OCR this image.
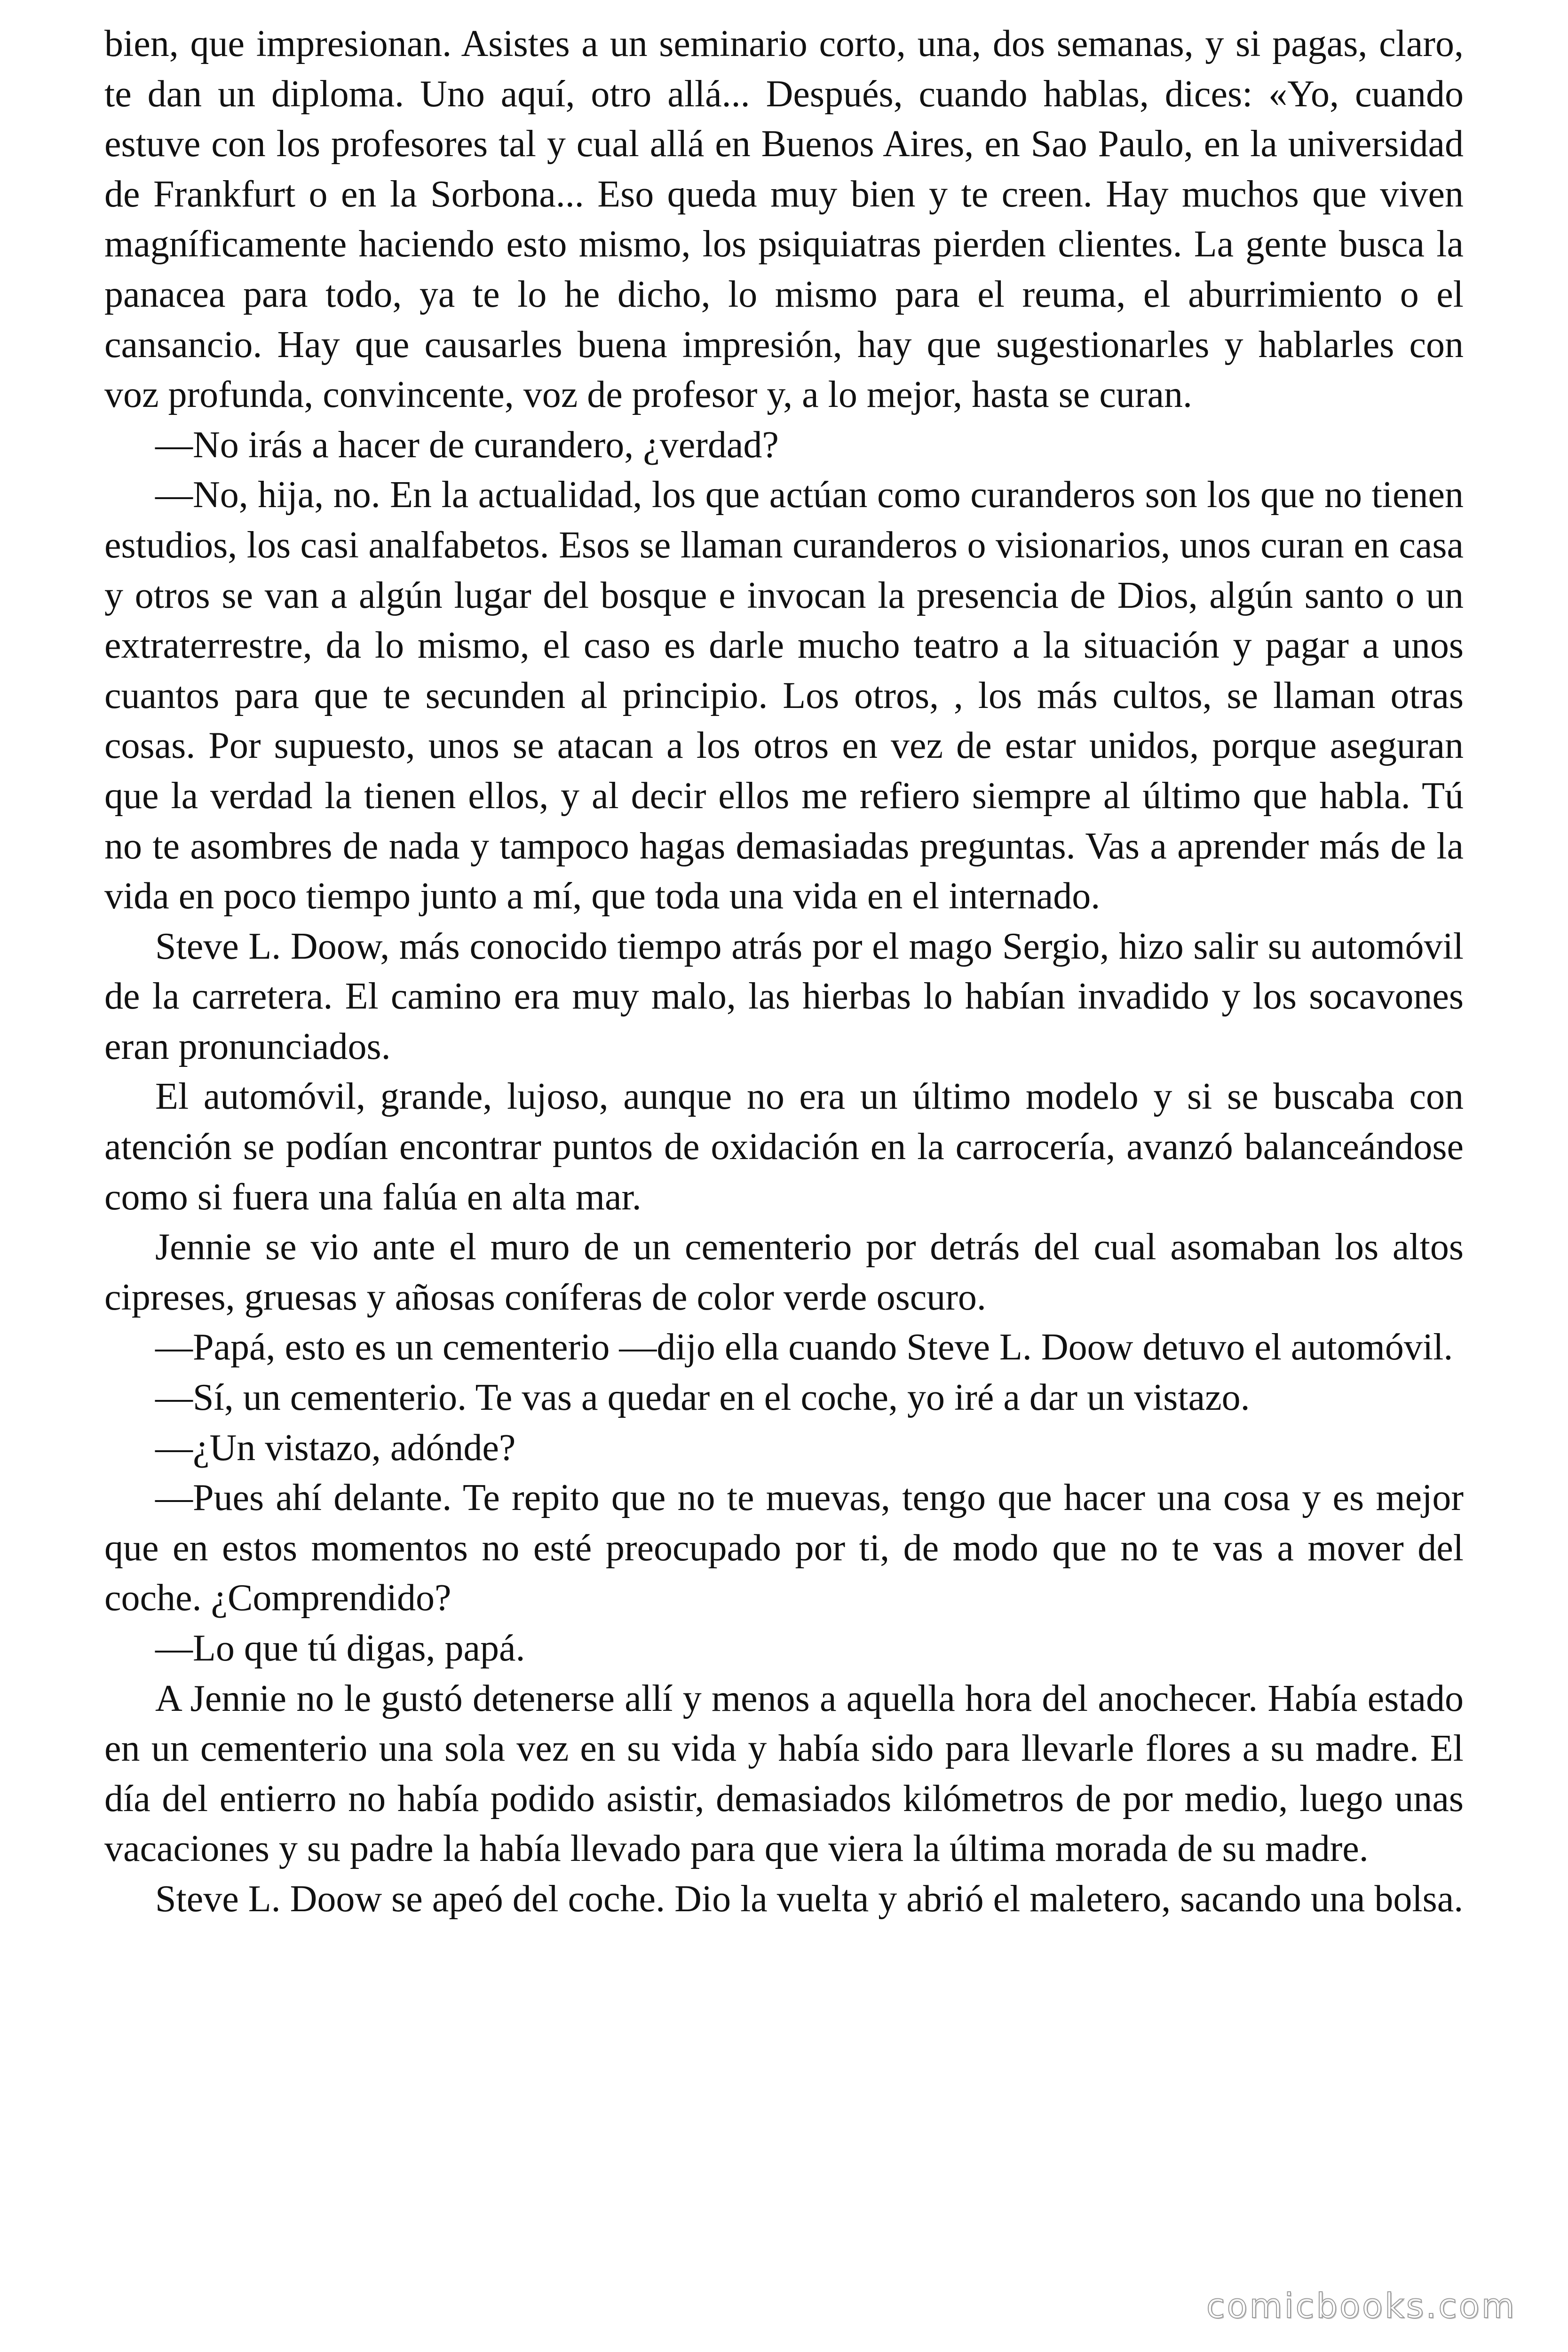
bien, que impresionan. Asistes a un seminario corto, una, dos semanas, y si pagas, claro, te dan un diploma. Uno aquí, otro allá... Después, cuando hablas, dices: «Yo, cuando estuve con los profesores tal y cual allá en Buenos Aires, en Sao Paulo, en la universidad de Frankfurt o en la Sorbona... Eso queda muy bien y te creen. Hay muchos que viven magníficamente haciendo esto mismo, los psiquiatras pierden clientes. La gente busca la panacea para todo, ya te lo he dicho, lo mismo para el reuma, el aburrimiento o el cansancio. Hay que causarles buena impresión, hay que sugestionarles y hablarles con voz profunda, convincente, voz de profesor y, a lo mejor, hasta se curan.

—No irás a hacer de curandero, ¿verdad?

—No, hija, no. En la actualidad, los que actúan como curanderos son los que no tienen estudios, los casi analfabetos. Esos se llaman curanderos o visionarios, unos curan en casa y otros se van a algún lugar del bosque e invocan la presencia de Dios, algún santo o un extraterrestre, da lo mismo, el caso es darle mucho teatro a la situación y pagar a unos cuantos para que te secunden al principio. Los otros, , los más cultos, se llaman otras cosas. Por supuesto, unos se atacan a los otros en vez de estar unidos, porque aseguran que la verdad la tienen ellos, y al decir ellos me refiero siempre al último que habla. Tú no te asombres de nada y tampoco hagas demasiadas preguntas. Vas a aprender más de la vida en poco tiempo junto a mí, que toda una vida en el internado.

Steve L. Doow, más conocido tiempo atrás por el mago Sergio, hizo salir su automóvil de la carretera. El camino era muy malo, las hierbas lo habían invadido y los socavones eran pronunciados.

El automóvil, grande, lujoso, aunque no era un último modelo y si se buscaba con atención se podían encontrar puntos de oxidación en la carrocería, avanzó balanceándose como si fuera una falúa en alta mar.

Jennie se vio ante el muro de un cementerio por detrás del cual asomaban los altos cipreses, gruesas y añosas coníferas de color verde oscuro.

—Papá, esto es un cementerio —dijo ella cuando Steve L. Doow detuvo el automóvil.

—Sí, un cementerio. Te vas a quedar en el coche, yo iré a dar un vistazo.

—¿Un vistazo, adónde?

—Pues ahí delante. Te repito que no te muevas, tengo que hacer una cosa y es mejor que en estos momentos no esté preocupado por ti, de modo que no te vas a mover del coche. ¿Comprendido?

—Lo que tú digas, papá.

A Jennie no le gustó detenerse allí y menos a aquella hora del anochecer. Había estado en un cementerio una sola vez en su vida y había sido para llevarle flores a su madre. El día del entierro no había podido asistir, demasiados kilómetros de por medio, luego unas vacaciones y su padre la había llevado para que viera la última morada de su madre.

Steve L. Doow se apeó del coche. Dio la vuelta y abrió el maletero, sacando una bolsa.

comicbooks.com
